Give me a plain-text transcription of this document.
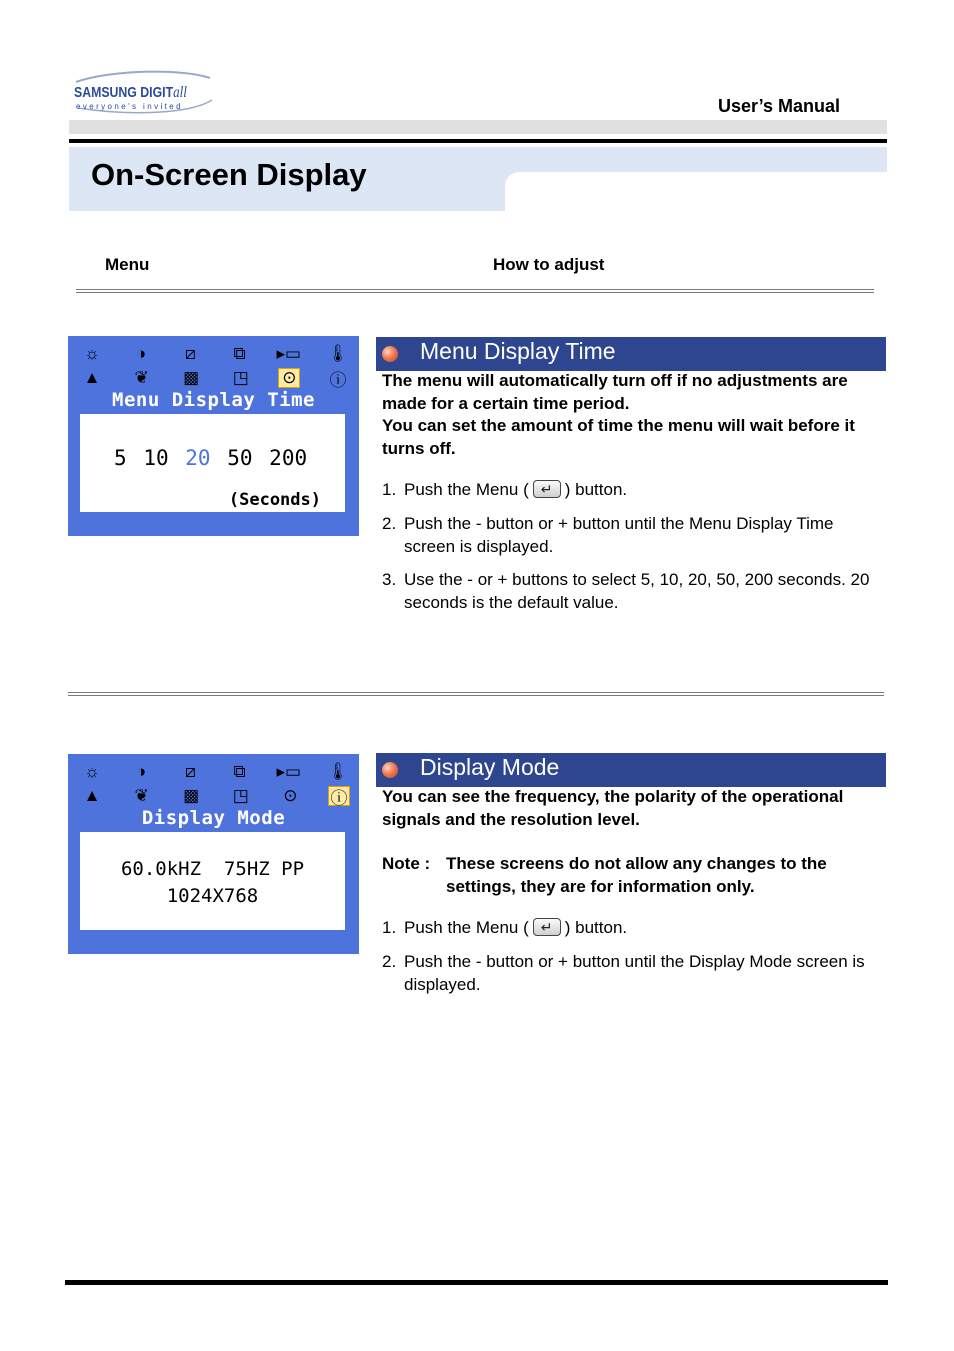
SAMSUNG DIGITall
everyone's invited	User’s Manual
On-Screen Display
Menu	How to adjust
☼	◑	⧄	⧉	▸▭ 🌡
▲ ❦ ▩ ◳ ⊙ ⓘ
Menu Display Time
5 10 20 50 200
(Seconds)
Menu Display Time
The menu will automatically turn off if no adjustments are made for a certain time period.
You can set the amount of time the menu will wait before it turns off.
1. Push the Menu ( ↵ ) button.
2. Push the - button or + button until the Menu Display Time screen is displayed.
3. Use the - or + buttons to select 5, 10, 20, 50, 200 seconds. 20 seconds is the default value.
☼	◑	⧄	⧉	▸▭ 🌡
▲ ❦ ▩ ◳ ⊙ ⓘ
Display Mode
60.0kHZ  75HZ PP
1024X768
Display Mode
You can see the frequency, the polarity of the operational signals and the resolution level.
Note : These screens do not allow any changes to the settings, they are for information only.
1. Push the Menu ( ↵ ) button.
2. Push the - button or + button until the Display Mode screen is displayed.
